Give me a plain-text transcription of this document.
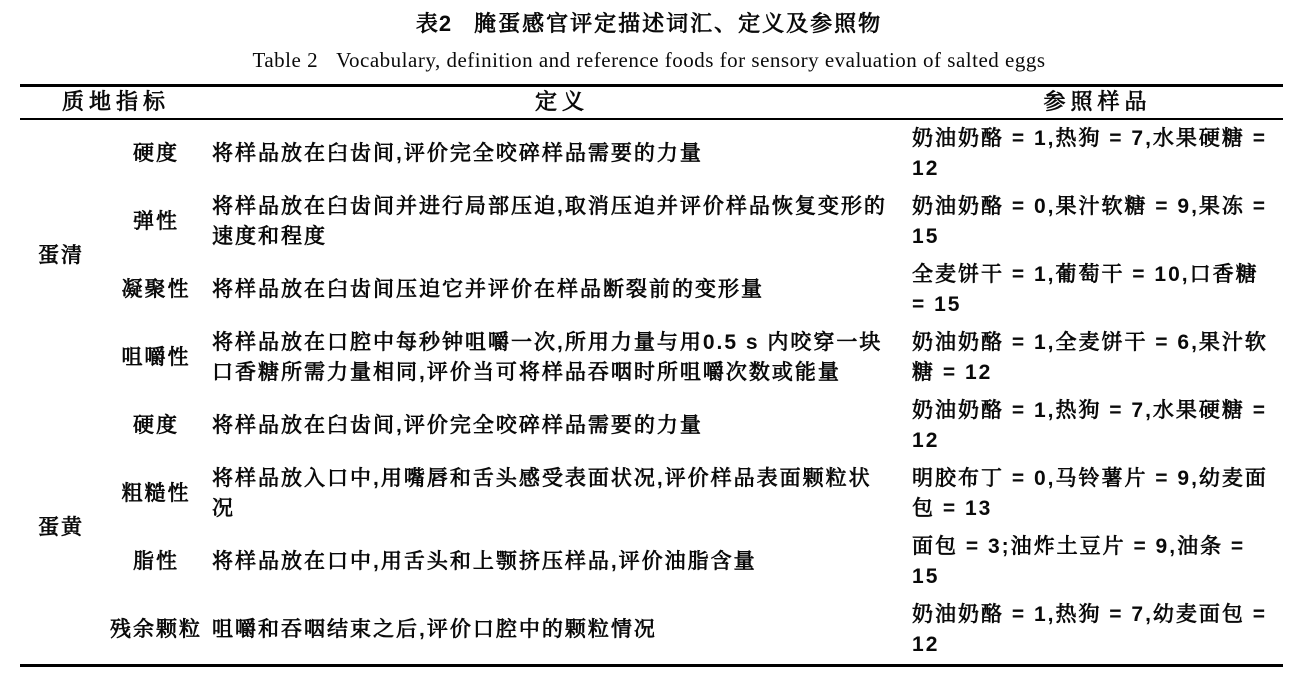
表2 腌蛋感官评定描述词汇、定义及参照物
Table 2 Vocabulary, definition and reference foods for sensory evaluation of salted eggs
质地指标		定义	参照样品
蛋清	硬度	将样品放在臼齿间,评价完全咬碎样品需要的力量	奶油奶酪 = 1,热狗 = 7,水果硬糖 = 12
	弹性	将样品放在臼齿间并进行局部压迫,取消压迫并评价样品恢复变形的速度和程度	奶油奶酪 = 0,果汁软糖 = 9,果冻 = 15
	凝聚性	将样品放在臼齿间压迫它并评价在样品断裂前的变形量	全麦饼干 = 1,葡萄干 = 10,口香糖 = 15
	咀嚼性	将样品放在口腔中每秒钟咀嚼一次,所用力量与用0.5 s 内咬穿一块口香糖所需力量相同,评价当可将样品吞咽时所咀嚼次数或能量	奶油奶酪 = 1,全麦饼干 = 6,果汁软糖 = 12
蛋黄	硬度	将样品放在臼齿间,评价完全咬碎样品需要的力量	奶油奶酪 = 1,热狗 = 7,水果硬糖 = 12
	粗糙性	将样品放入口中,用嘴唇和舌头感受表面状况,评价样品表面颗粒状况	明胶布丁 = 0,马铃薯片 = 9,幼麦面包 = 13
	脂性	将样品放在口中,用舌头和上颚挤压样品,评价油脂含量	面包 = 3;油炸土豆片 = 9,油条 = 15
	残余颗粒	咀嚼和吞咽结束之后,评价口腔中的颗粒情况	奶油奶酪 = 1,热狗 = 7,幼麦面包 = 12
